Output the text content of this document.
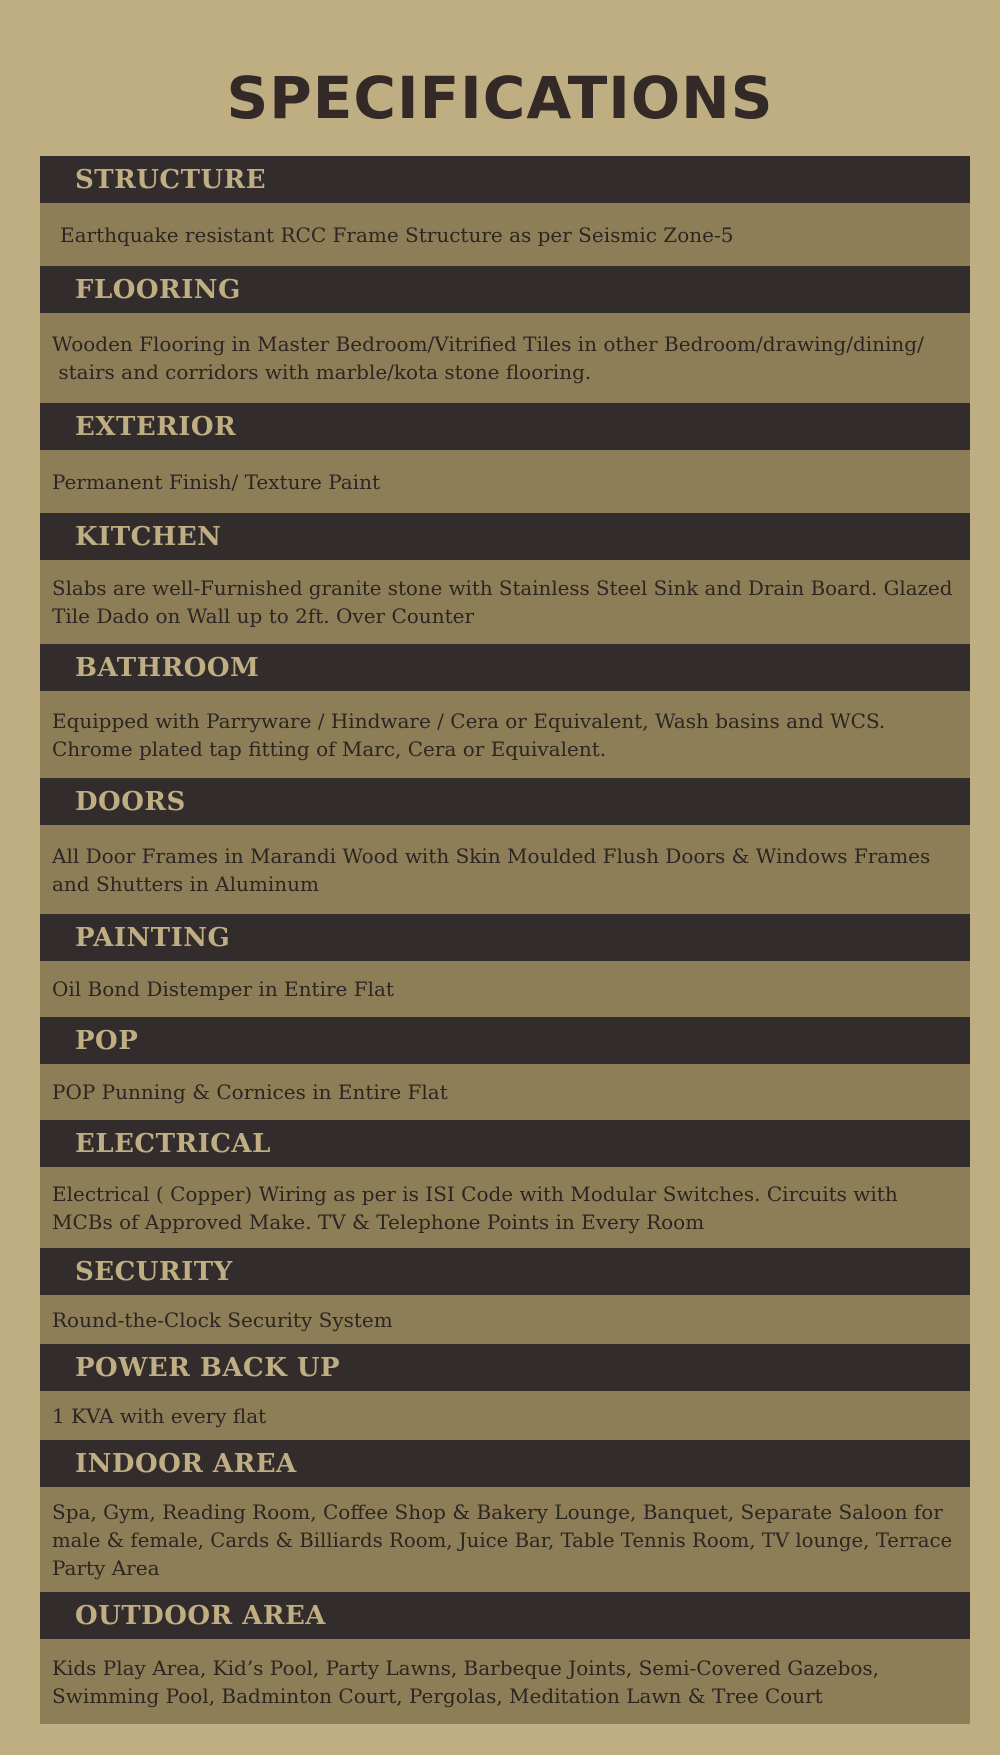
SPECIFICATIONS
STRUCTURE
Earthquake resistant RCC Frame Structure as per Seismic Zone-5
FLOORING
Wooden Flooring in Master Bedroom/Vitrified Tiles in other Bedroom/drawing/dining/
stairs and corridors with marble/kota stone flooring.
EXTERIOR
Permanent Finish/ Texture Paint
KITCHEN
Slabs are well-Furnished granite stone with Stainless Steel Sink and Drain Board. Glazed
Tile Dado on Wall up to 2ft. Over Counter
BATHROOM
Equipped with Parryware / Hindware / Cera or Equivalent, Wash basins and WCS.
Chrome plated tap fitting of Marc, Cera or Equivalent.
DOORS
All Door Frames in Marandi Wood with Skin Moulded Flush Doors & Windows Frames
and Shutters in Aluminum
PAINTING
Oil Bond Distemper in Entire Flat
POP
POP Punning & Cornices in Entire Flat
ELECTRICAL
Electrical ( Copper) Wiring as per is ISI Code with Modular Switches. Circuits with
MCBs of Approved Make. TV & Telephone Points in Every Room
SECURITY
Round-the-Clock Security System
POWER BACK UP
1 KVA with every flat
INDOOR AREA
Spa, Gym, Reading Room, Coffee Shop & Bakery Lounge, Banquet, Separate Saloon for
male & female, Cards & Billiards Room, Juice Bar, Table Tennis Room, TV lounge, Terrace
Party Area
OUTDOOR AREA
Kids Play Area, Kid’s Pool, Party Lawns, Barbeque Joints, Semi-Covered Gazebos,
Swimming Pool, Badminton Court, Pergolas, Meditation Lawn & Tree Court
